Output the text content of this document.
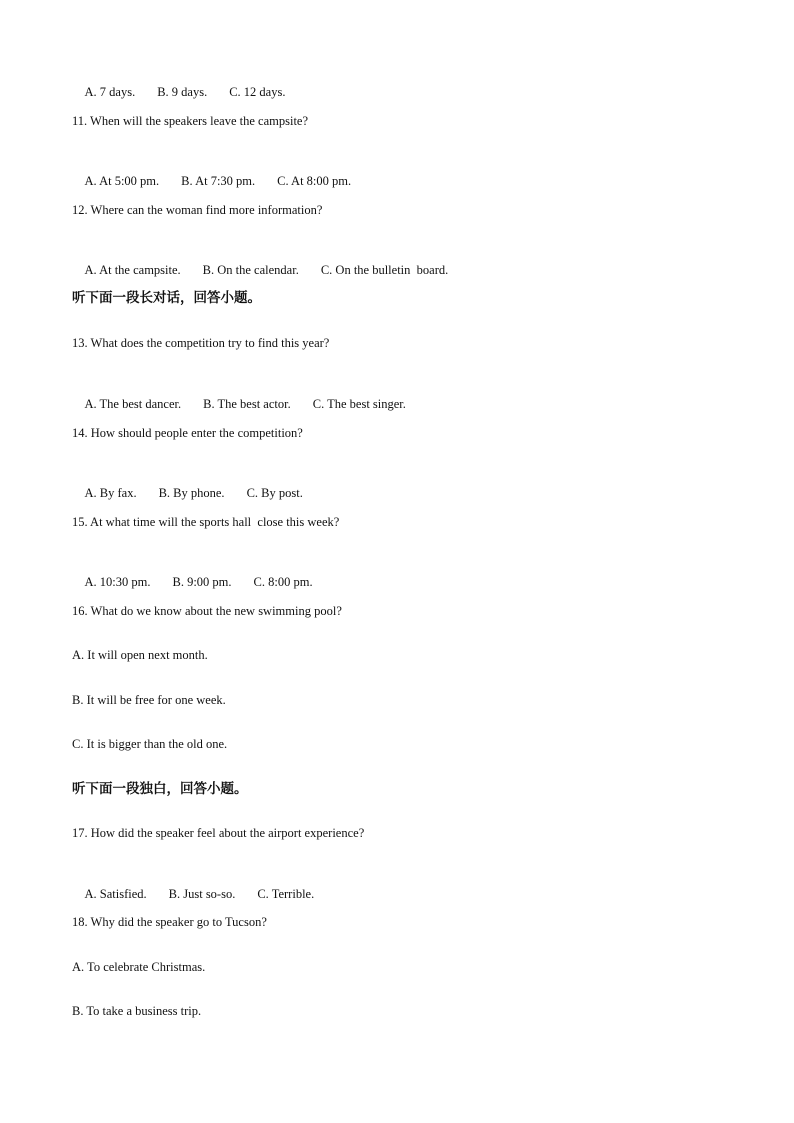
A. 7 days. B. 9 days. C. 12 days.

11. When will the speakers leave the campsite?

A. At 5:00 pm. B. At 7:30 pm. C. At 8:00 pm.

12. Where can the woman find more information?

A. At the campsite. B. On the calendar. C. On the bulletin  board.

听下面一段长对话，回答小题。
13. What does the competition try to find this year?

A. The best dancer. B. The best actor. C. The best singer.

14. How should people enter the competition?

A. By fax. B. By phone. C. By post.

15. At what time will the sports hall  close this week?

A. 10:30 pm. B. 9:00 pm. C. 8:00 pm.

16. What do we know about the new swimming pool?
A. It will open next month.
B. It will be free for one week.
C. It is bigger than the old one.
听下面一段独白，回答小题。
17. How did the speaker feel about the airport experience?

A. Satisfied. B. Just so-so. C. Terrible.

18. Why did the speaker go to Tucson?
A. To celebrate Christmas.
B. To take a business trip.
